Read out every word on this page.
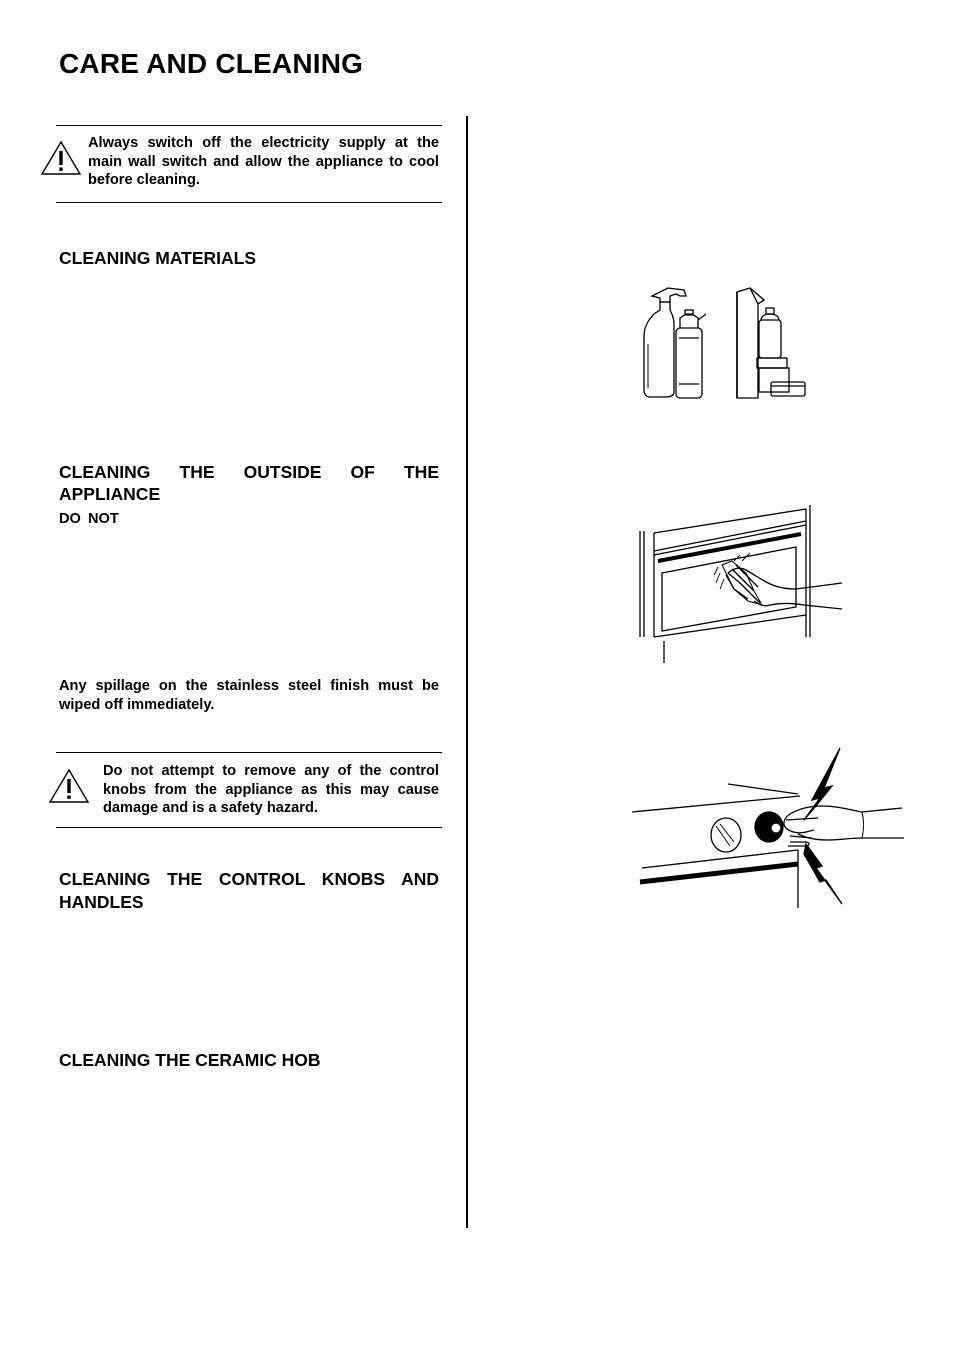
CARE AND CLEANING
Always switch off the electricity supply at the main wall switch and allow the appliance to cool before cleaning.
CLEANING MATERIALS
CLEANING THE OUTSIDE OF THE
APPLIANCE
DO NOT
Any spillage on the stainless steel finish must be wiped off immediately.
Do not attempt to remove any of the control knobs from the appliance as this may cause damage and is a safety hazard.
CLEANING THE CONTROL KNOBS AND
HANDLES
CLEANING THE CERAMIC HOB
